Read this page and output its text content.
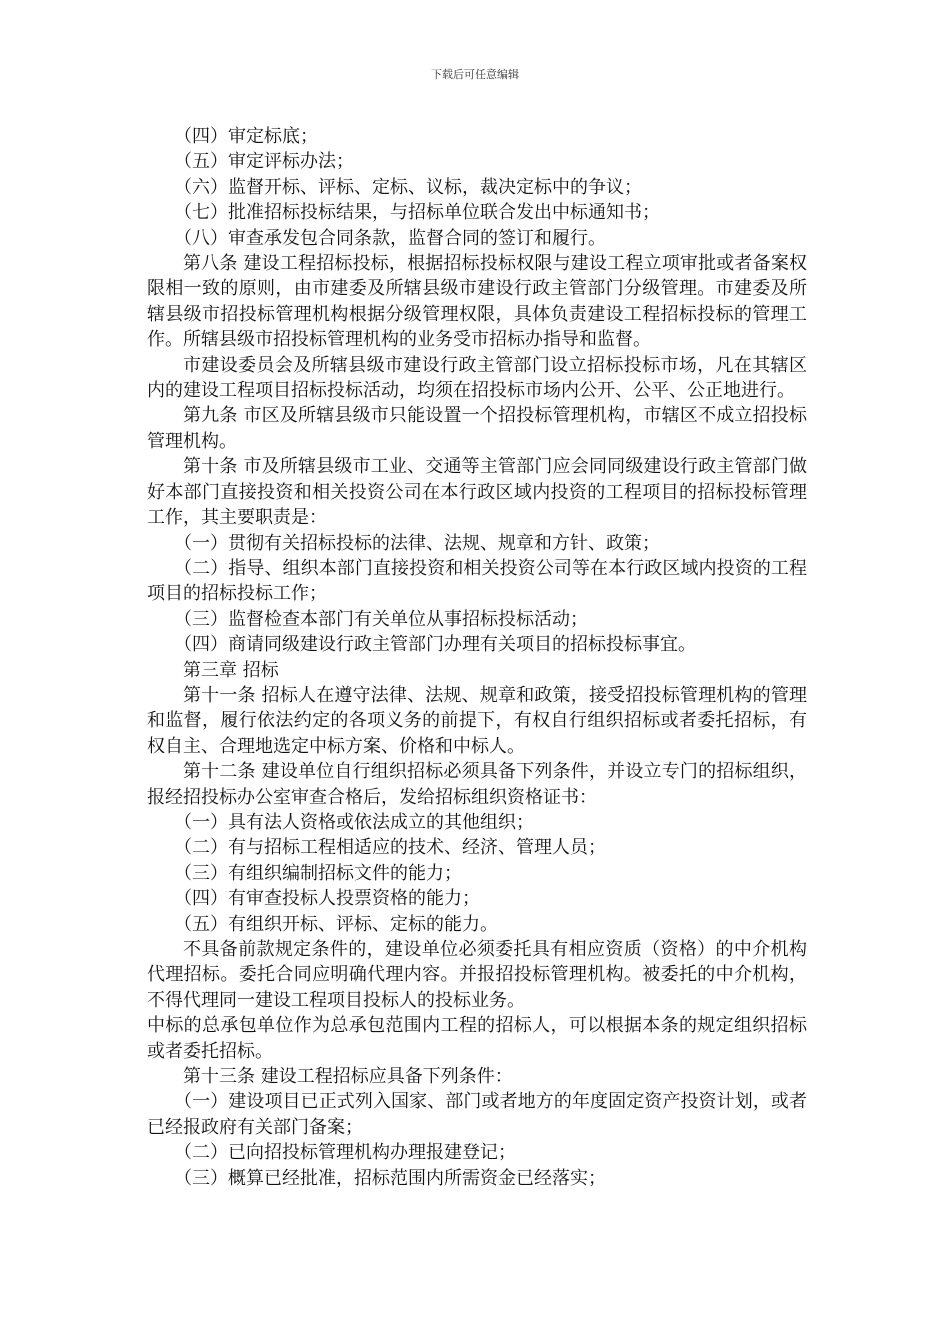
下载后可任意编辑

（四）审定标底；

（五）审定评标办法；

（六）监督开标、评标、定标、议标，裁决定标中的争议；

（七）批准招标投标结果，与招标单位联合发出中标通知书；

（八）审查承发包合同条款，监督合同的签订和履行。

第八条 建设工程招标投标，根据招标投标权限与建设工程立项审批或者备案权限相一致的原则，由市建委及所辖县级市建设行政主管部门分级管理。市建委及所辖县级市招投标管理机构根据分级管理权限，具体负责建设工程招标投标的管理工作。所辖县级市招投标管理机构的业务受市招标办指导和监督。

市建设委员会及所辖县级市建设行政主管部门设立招标投标市场，凡在其辖区内的建设工程项目招标投标活动，均须在招投标市场内公开、公平、公正地进行。

第九条 市区及所辖县级市只能设置一个招投标管理机构，市辖区不成立招投标管理机构。

第十条 市及所辖县级市工业、交通等主管部门应会同同级建设行政主管部门做好本部门直接投资和相关投资公司在本行政区域内投资的工程项目的招标投标管理工作，其主要职责是：

（一）贯彻有关招标投标的法律、法规、规章和方针、政策；

（二）指导、组织本部门直接投资和相关投资公司等在本行政区域内投资的工程项目的招标投标工作；

（三）监督检查本部门有关单位从事招标投标活动；

（四）商请同级建设行政主管部门办理有关项目的招标投标事宜。

第三章 招标

第十一条 招标人在遵守法律、法规、规章和政策，接受招投标管理机构的管理和监督，履行依法约定的各项义务的前提下，有权自行组织招标或者委托招标，有权自主、合理地选定中标方案、价格和中标人。

第十二条 建设单位自行组织招标必须具备下列条件，并设立专门的招标组织，报经招投标办公室审查合格后，发给招标组织资格证书：

（一）具有法人资格或依法成立的其他组织；

（二）有与招标工程相适应的技术、经济、管理人员；

（三）有组织编制招标文件的能力；

（四）有审查投标人投票资格的能力；

（五）有组织开标、评标、定标的能力。

不具备前款规定条件的，建设单位必须委托具有相应资质（资格）的中介机构代理招标。委托合同应明确代理内容。并报招投标管理机构。被委托的中介机构，不得代理同一建设工程项目投标人的投标业务。

中标的总承包单位作为总承包范围内工程的招标人，可以根据本条的规定组织招标或者委托招标。

第十三条 建设工程招标应具备下列条件：

（一）建设项目已正式列入国家、部门或者地方的年度固定资产投资计划，或者已经报政府有关部门备案；

（二）已向招投标管理机构办理报建登记；

（三）概算已经批准，招标范围内所需资金已经落实；
